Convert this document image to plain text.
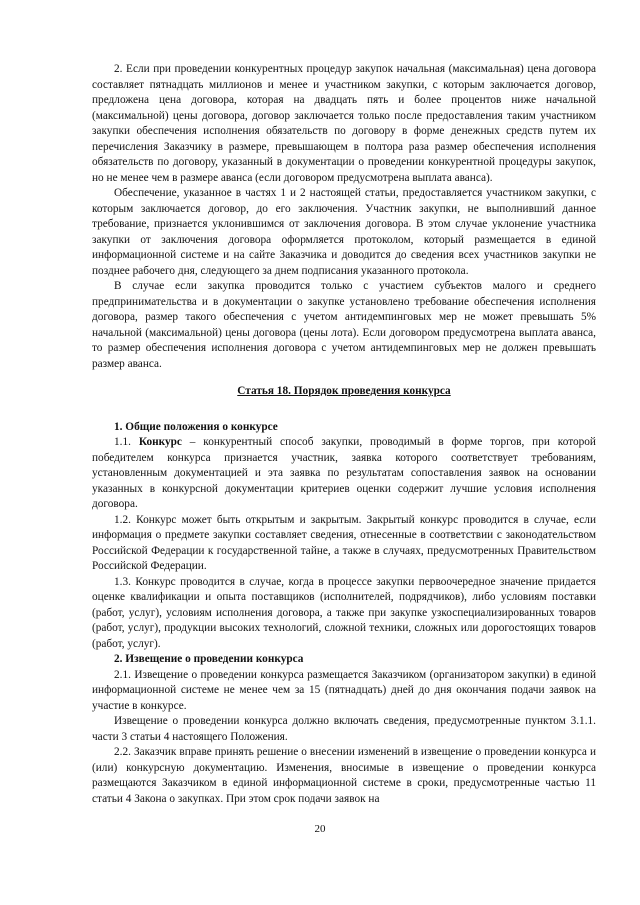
2. Если при проведении конкурентных процедур закупок начальная (максимальная) цена договора составляет пятнадцать миллионов и менее и участником закупки, с которым заключается договор, предложена цена договора, которая на двадцать пять и более процентов ниже начальной (максимальной) цены договора, договор заключается только после предоставления таким участником закупки обеспечения исполнения обязательств по договору в форме денежных средств путем их перечисления Заказчику в размере, превышающем в полтора раза размер обеспечения исполнения обязательств по договору, указанный в документации о проведении конкурентной процедуры закупок, но не менее чем в размере аванса (если договором предусмотрена выплата аванса).

Обеспечение, указанное в частях 1 и 2 настоящей статьи, предоставляется участником закупки, с которым заключается договор, до его заключения. Участник закупки, не выполнивший данное требование, признается уклонившимся от заключения договора. В этом случае уклонение участника закупки от заключения договора оформляется протоколом, который размещается в единой информационной системе и на сайте Заказчика и доводится до сведения всех участников закупки не позднее рабочего дня, следующего за днем подписания указанного протокола.

В случае если закупка проводится только с участием субъектов малого и среднего предпринимательства и в документации о закупке установлено требование обеспечения исполнения договора, размер такого обеспечения с учетом антидемпинговых мер не может превышать 5% начальной (максимальной) цены договора (цены лота). Если договором предусмотрена выплата аванса, то размер обеспечения исполнения договора с учетом антидемпинговых мер не должен превышать размер аванса.

Статья 18. Порядок проведения конкурса

1. Общие положения о конкурсе

1.1. Конкурс – конкурентный способ закупки, проводимый в форме торгов, при которой победителем конкурса признается участник, заявка которого соответствует требованиям, установленным документацией и эта заявка по результатам сопоставления заявок на основании указанных в конкурсной документации критериев оценки содержит лучшие условия исполнения договора.

1.2. Конкурс может быть открытым и закрытым. Закрытый конкурс проводится в случае, если информация о предмете закупки составляет сведения, отнесенные в соответствии с законодательством Российской Федерации к государственной тайне, а также в случаях, предусмотренных Правительством Российской Федерации.

1.3. Конкурс проводится в случае, когда в процессе закупки первоочередное значение придается оценке квалификации и опыта поставщиков (исполнителей, подрядчиков), либо условиям поставки (работ, услуг), условиям исполнения договора, а также при закупке узкоспециализированных товаров (работ, услуг), продукции высоких технологий, сложной техники, сложных или дорогостоящих товаров (работ, услуг).

2. Извещение о проведении конкурса

2.1. Извещение о проведении конкурса размещается Заказчиком (организатором закупки) в единой информационной системе не менее чем за 15 (пятнадцать) дней до дня окончания подачи заявок на участие в конкурсе.

Извещение о проведении конкурса должно включать сведения, предусмотренные пунктом 3.1.1. части 3 статьи 4 настоящего Положения.

2.2. Заказчик вправе принять решение о внесении изменений в извещение о проведении конкурса и (или) конкурсную документацию. Изменения, вносимые в извещение о проведении конкурса размещаются Заказчиком в единой информационной системе в сроки, предусмотренные частью 11 статьи 4 Закона о закупках. При этом срок подачи заявок на

20
